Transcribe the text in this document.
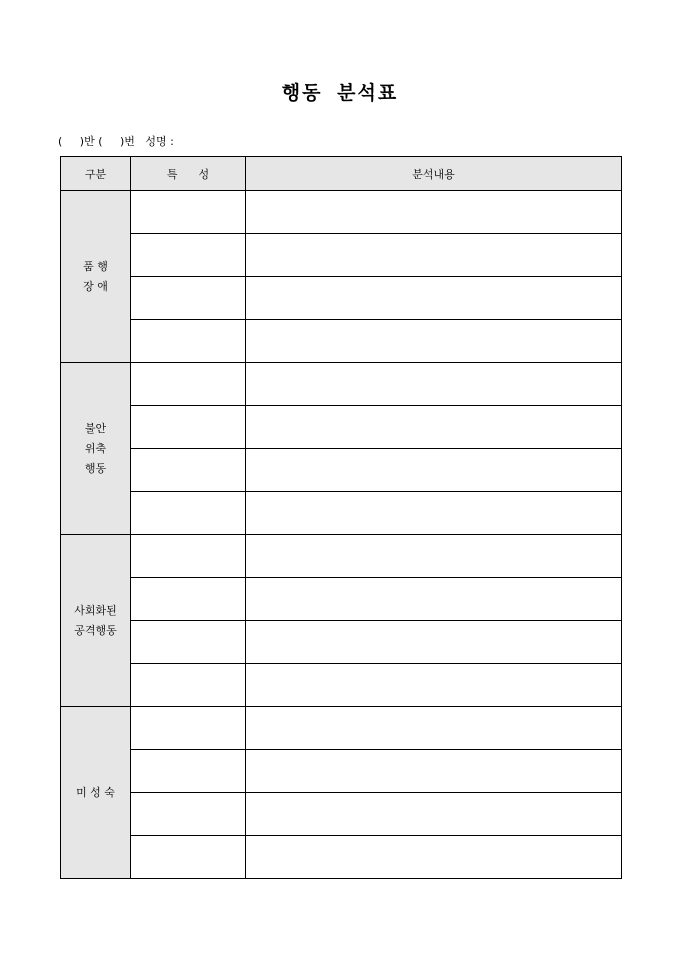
행동 분석표
(     )반 (     )번   성명 :
구분	특      성	분석내용

품 행
장 애		

불안
위축
행동		

사회화된
공격행동		

미 성 숙		
